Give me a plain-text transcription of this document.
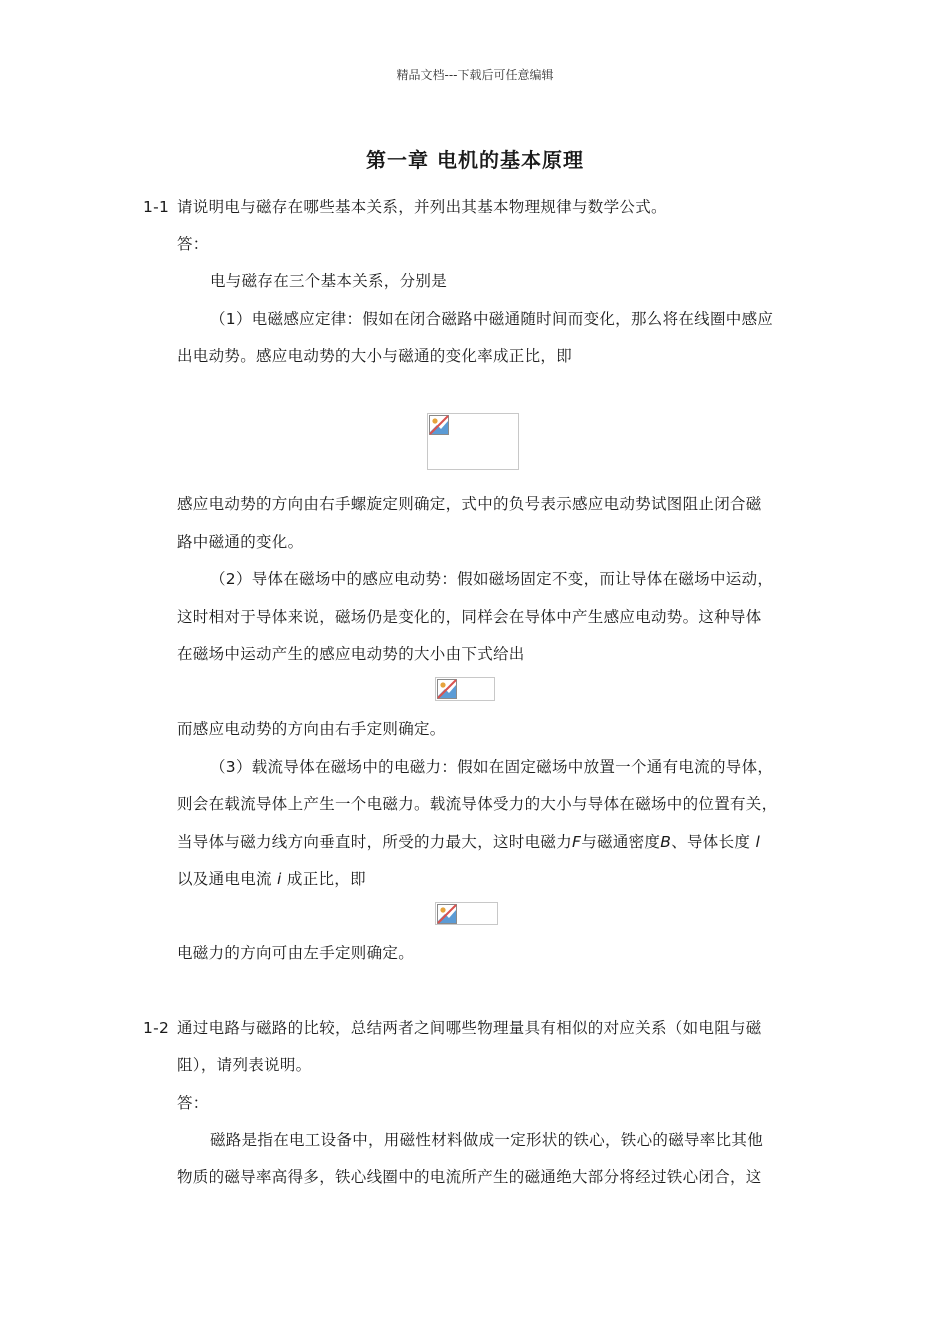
精品文档---下载后可任意编辑
第一章 电机的基本原理
1-1 请说明电与磁存在哪些基本关系，并列出其基本物理规律与数学公式。
答：
电与磁存在三个基本关系，分别是
（1）电磁感应定律：假如在闭合磁路中磁通随时间而变化，那么将在线圈中感应
出电动势。感应电动势的大小与磁通的变化率成正比，即
感应电动势的方向由右手螺旋定则确定，式中的负号表示感应电动势试图阻止闭合磁
路中磁通的变化。
（2）导体在磁场中的感应电动势：假如磁场固定不变，而让导体在磁场中运动，
这时相对于导体来说，磁场仍是变化的，同样会在导体中产生感应电动势。这种导体
在磁场中运动产生的感应电动势的大小由下式给出
而感应电动势的方向由右手定则确定。
（3）载流导体在磁场中的电磁力：假如在固定磁场中放置一个通有电流的导体，
则会在载流导体上产生一个电磁力。载流导体受力的大小与导体在磁场中的位置有关，
当导体与磁力线方向垂直时，所受的力最大，这时电磁力F与磁通密度B、导体长度 l
以及通电电流 i 成正比，即
电磁力的方向可由左手定则确定。
1-2 通过电路与磁路的比较，总结两者之间哪些物理量具有相似的对应关系（如电阻与磁
阻），请列表说明。
答：
磁路是指在电工设备中，用磁性材料做成一定形状的铁心，铁心的磁导率比其他
物质的磁导率高得多，铁心线圈中的电流所产生的磁通绝大部分将经过铁心闭合，这
